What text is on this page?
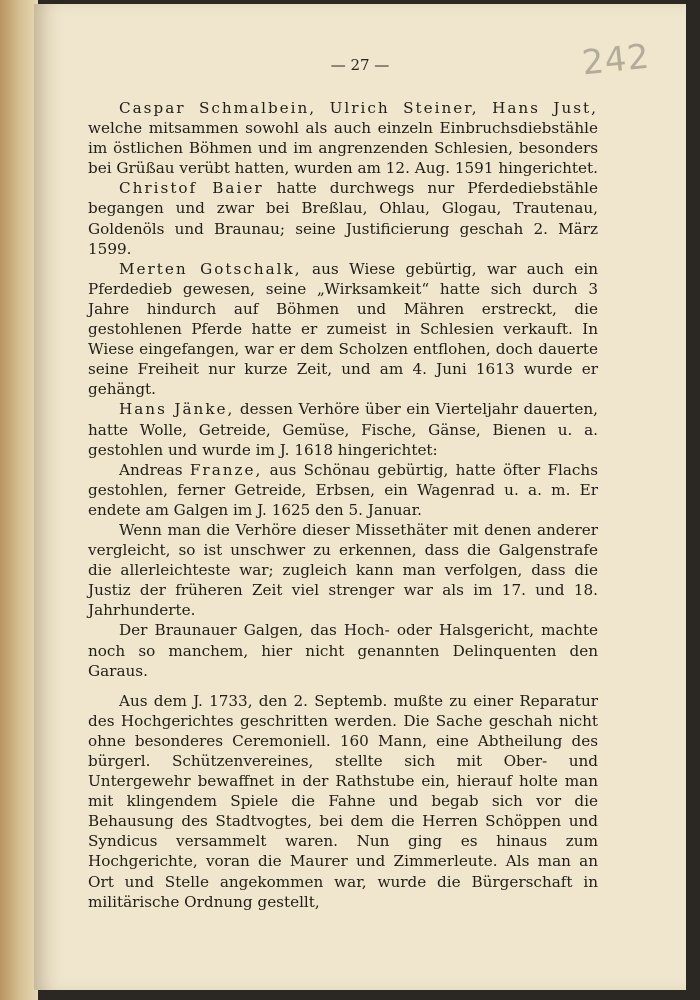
— 27 —	242

Caspar Schmalbein, Ulrich Steiner, Hans Just, welche mitsammen sowohl als auch einzeln Einbruchsdiebstähle im östlichen Böhmen und im angrenzenden Schlesien, besonders bei Grüßau verübt hatten, wurden am 12. Aug. 1591 hingerichtet.

Christof Baier hatte durchwegs nur Pferdediebstähle begangen und zwar bei Breßlau, Ohlau, Glogau, Trautenau, Goldenöls und Braunau; seine Justificierung geschah 2. März 1599.

Merten Gotschalk, aus Wiese gebürtig, war auch ein Pferdedieb gewesen, seine „Wirksamkeit“ hatte sich durch 3 Jahre hindurch auf Böhmen und Mähren erstreckt, die gestohlenen Pferde hatte er zumeist in Schlesien verkauft. In Wiese eingefangen, war er dem Scholzen entflohen, doch dauerte seine Freiheit nur kurze Zeit, und am 4. Juni 1613 wurde er gehängt.

Hans Jänke, dessen Verhöre über ein Vierteljahr dauerten, hatte Wolle, Getreide, Gemüse, Fische, Gänse, Bienen u. a. gestohlen und wurde im J. 1618 hingerichtet:

Andreas Franze, aus Schönau gebürtig, hatte öfter Flachs gestohlen, ferner Getreide, Erbsen, ein Wagenrad u. a. m. Er endete am Galgen im J. 1625 den 5. Januar.

Wenn man die Verhöre dieser Missethäter mit denen anderer vergleicht, so ist unschwer zu erkennen, dass die Galgenstrafe die allerleichteste war; zugleich kann man verfolgen, dass die Justiz der früheren Zeit viel strenger war als im 17. und 18. Jahrhunderte.

Der Braunauer Galgen, das Hoch- oder Halsgericht, machte noch so manchem, hier nicht genannten Delinquenten den Garaus.

Aus dem J. 1733, den 2. Septemb. mußte zu einer Reparatur des Hochgerichtes geschritten werden. Die Sache geschah nicht ohne besonderes Ceremoniell. 160 Mann, eine Abtheilung des bürgerl. Schützenvereines, stellte sich mit Ober- und Untergewehr bewaffnet in der Rathstube ein, hierauf holte man mit klingendem Spiele die Fahne und begab sich vor die Behausung des Stadtvogtes, bei dem die Herren Schöppen und Syndicus versammelt waren. Nun ging es hinaus zum Hochgerichte, voran die Maurer und Zimmerleute. Als man an Ort und Stelle angekommen war, wurde die Bürgerschaft in militärische Ordnung gestellt,
